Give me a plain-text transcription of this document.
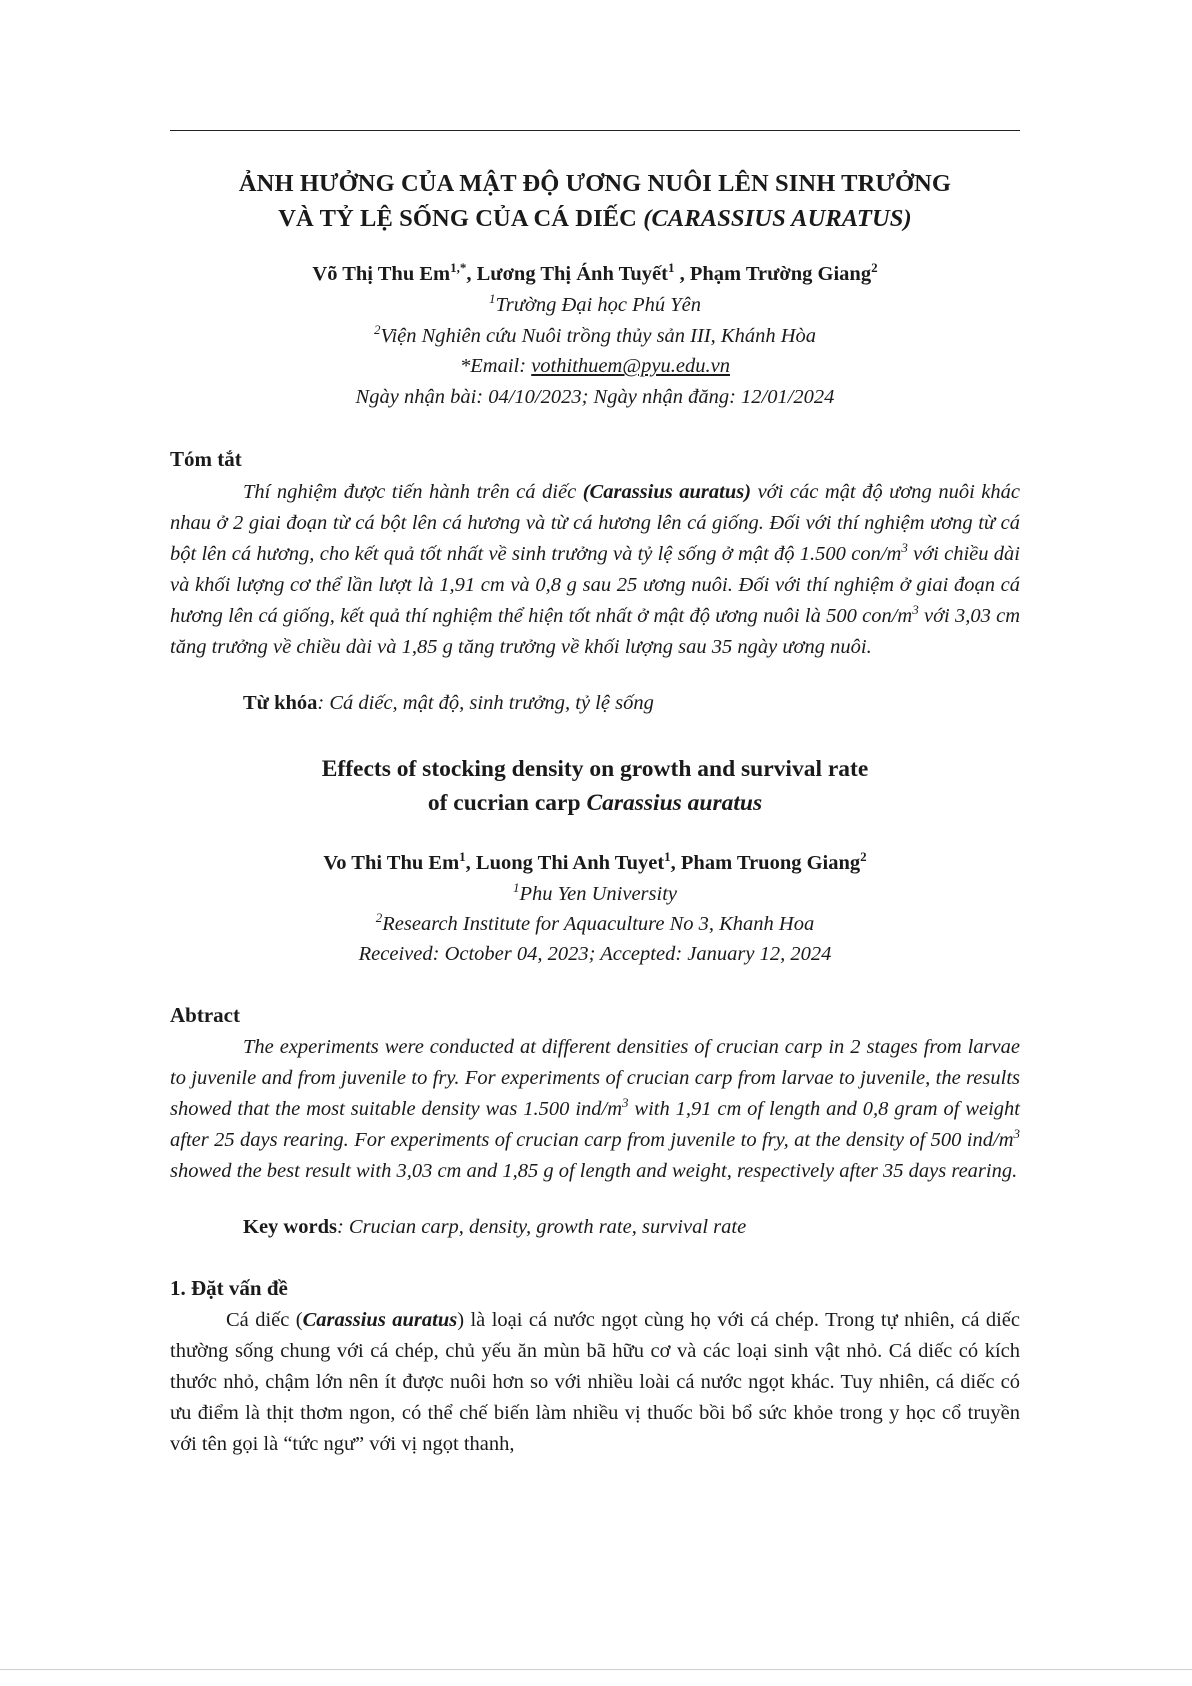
ẢNH HƯỞNG CỦA MẬT ĐỘ ƯƠNG NUÔI LÊN SINH TRƯỞNG
VÀ TỶ LỆ SỐNG CỦA CÁ DIẾC (CARASSIUS AURATUS)
Võ Thị Thu $Em^{1,*}$, Lương Thị Ánh Tuyết$^1$ , Phạm Trường Giang$^2$
$^1$Trường Đại học Phú Yên
$^2$Viện Nghiên cứu Nuôi trồng thủy sản III, Khánh Hòa
*Email: vothithuem@pyu.edu.vn
Ngày nhận bài: 04/10/2023; Ngày nhận đăng: 12/01/2024
Tóm tắt
Thí nghiệm được tiến hành trên cá diếc (Carassius auratus) với các mật độ ương nuôi khác nhau ở 2 giai đoạn từ cá bột lên cá hương và từ cá hương lên cá giống. Đối với thí nghiệm ương từ cá bột lên cá hương, cho kết quả tốt nhất về sinh trưởng và tỷ lệ sống ở mật độ 1.500 con/$m^3$ với chiều dài và khối lượng cơ thể lần lượt là 1,91 cm và 0,8 g sau 25 ương nuôi. Đối với thí nghiệm ở giai đoạn cá hương lên cá giống, kết quả thí nghiệm thể hiện tốt nhất ở mật độ ương nuôi là 500 con/$m^3$ với 3,03 cm tăng trưởng về chiều dài và 1,85 g tăng trưởng về khối lượng sau 35 ngày ương nuôi.
Từ khóa: Cá diếc, mật độ, sinh trưởng, tỷ lệ sống
Effects of stocking density on growth and survival rate
of cucrian carp Carassius auratus
Vo Thi Thu Em$^1$, Luong Thi Anh Tuyet$^1$, Pham Truong Giang$^2$
$^1$Phu Yen University
$^2$Research Institute for Aquaculture No 3, Khanh Hoa
Received: October 04, 2023; Accepted: January 12, 2024
Abtract
The experiments were conducted at different densities of crucian carp in 2 stages from larvae to juvenile and from juvenile to fry. For experiments of crucian carp from larvae to juvenile, the results showed that the most suitable density was 1.500 ind/$m^3$ with 1,91 cm of length and 0,8 gram of weight after 25 days rearing. For experiments of crucian carp from juvenile to fry, at the density of 500 ind/$m^3$ showed the best result with 3,03 cm and 1,85 g of length and weight, respectively after 35 days rearing.
Key words: Crucian carp, density, growth rate, survival rate
1. Đặt vấn đề
Cá diếc (Carassius auratus) là loại cá nước ngọt cùng họ với cá chép. Trong tự nhiên, cá diếc thường sống chung với cá chép, chủ yếu ăn mùn bã hữu cơ và các loại sinh vật nhỏ. Cá diếc có kích thước nhỏ, chậm lớn nên ít được nuôi hơn so với nhiều loài cá nước ngọt khác. Tuy nhiên, cá diếc có ưu điểm là thịt thơm ngon, có thể chế biến làm nhiều vị thuốc bồi bổ sức khỏe trong y học cổ truyền với tên gọi là “tức ngư” với vị ngọt thanh,
